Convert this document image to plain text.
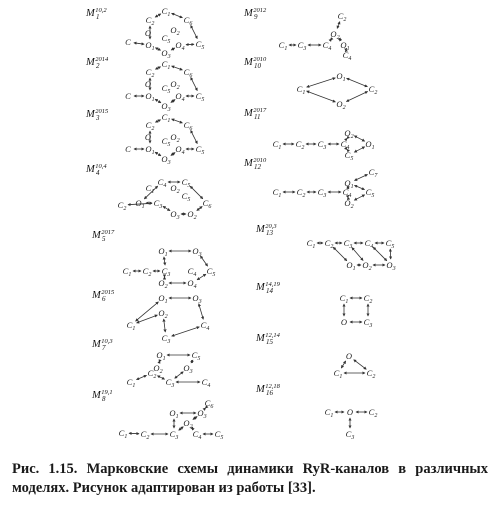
$C_1$ $C_6$
$C_5$
C $O_1$ $O_4$ $C_5$
O
$O_3$
$C_2$
$O_2$
M$^{10,2}$ 1
$C_1$ $C_6$
$C_5$
C $O_1$ $O_4$ $C_5$
O
$O_3$
$C_2$
$O_2$
$M^{2014}$ 2
$C_1$ $C_6$
$C_5$
C $O_1$ $O_4$ $C_5$
O
$O_3$
$C_2$
$O_2$
$M^{2015}$ 3
$C_4$
$C_6$
$C_5$
$C_3$
$C_2$
$O_1$
$O_2$ $C_5$
$O_3$ $O_2$
$C_1$
M$^{10,4}$ 4
$O_1$	$O_3$
$C_1$ $C_2$ $C_3$ $C_4$ $C_5$
$O_2$ $O_4$
$M^{2017}$ 5
$O_1$	$O_3$
$C_1$	$C_4$
$C_3$
$O_2$
$M^{2015}$ 6
$O_1$	$C_5$
$C_1$
$C_2$ $C_3$	$C_4$
$O_2$ $O_3$
M$^{10,3}$ 7
$C_6$
$O_1$ $O_3$
$C_1$ $C_2$ $C_3$ $C_4$ $C_5$
$O_2$
M$^{19,1}$ 8
$C_2$
$C_1$ $C_3$ $C_4$ $O_1$
$O_2$
$C_4$
$M^{2012}$ 9
$C_1$
$O_1$
$O_2$
$C_2$
$M^{2010}$ 10
$C_1$ $C_2$ $C_3$ $C_4$ $O_1$
$O_2$
$C_5$
$M^{2017}$ 11
$C_7$
$C_1$ $C_2$ $C_3$ $C_4$
$O_1$
$O_2$
$C_5$
$M^{2010}$ 12
$C_1$ $C_2$ $C_3$ $C_4$ $C_5$
$O_1$ $O_2$ $O_3$
M$^{20,3}$ 13
$C_1$
O
$C_2$
$C_3$
M$^{14,19}$ 14
O
$C_1$	$C_2$
M$^{12,14}$ 15
$C_1$ O $C_2$
$C_3$
M$^{12,18}$ 16
Рис. 1.15. Марковские схемы динамики RyR-каналов в различных
моделях. Рисунок адаптирован из работы [33].
